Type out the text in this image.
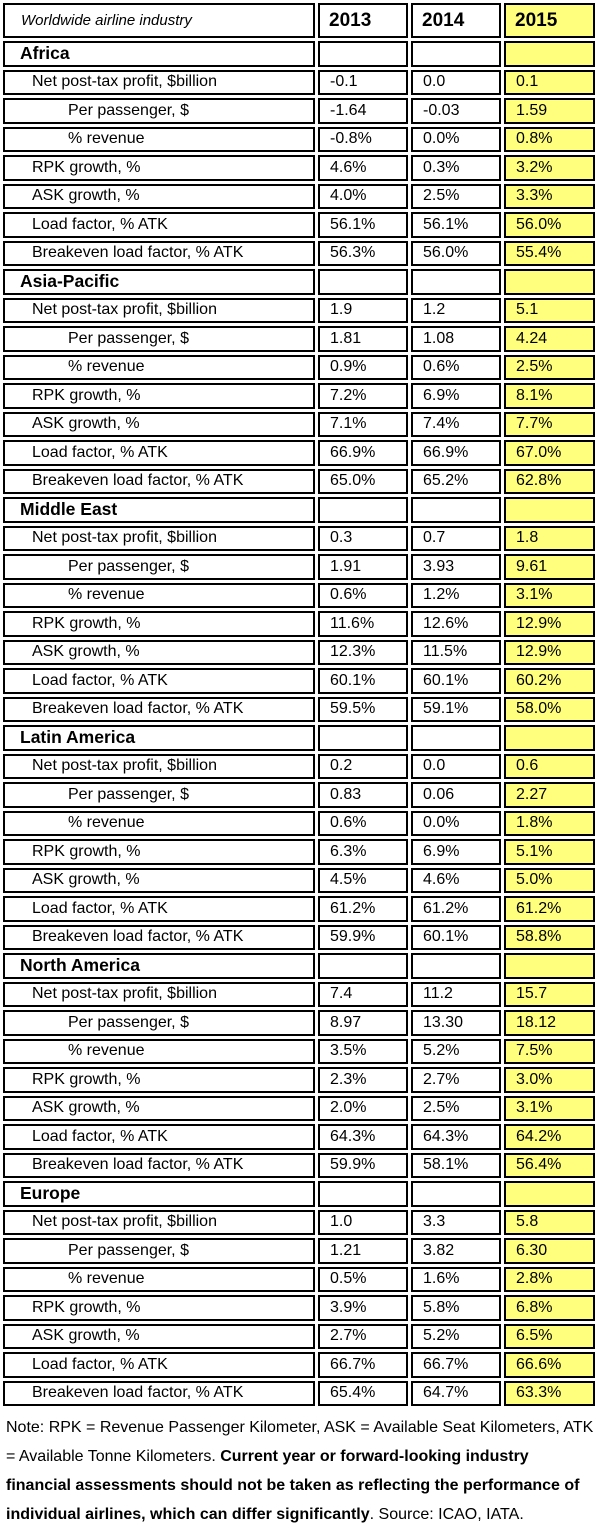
Worldwide airline industry	2013	2014	2015
Africa			
Net post-tax profit, $billion	-0.1	0.0	0.1
Per passenger, $	-1.64	-0.03	1.59
% revenue	-0.8%	0.0%	0.8%
RPK growth, %	4.6%	0.3%	3.2%
ASK growth, %	4.0%	2.5%	3.3%
Load factor, % ATK	56.1%	56.1%	56.0%
Breakeven load factor, % ATK	56.3%	56.0%	55.4%
Asia-Pacific			
Net post-tax profit, $billion	1.9	1.2	5.1
Per passenger, $	1.81	1.08	4.24
% revenue	0.9%	0.6%	2.5%
RPK growth, %	7.2%	6.9%	8.1%
ASK growth, %	7.1%	7.4%	7.7%
Load factor, % ATK	66.9%	66.9%	67.0%
Breakeven load factor, % ATK	65.0%	65.2%	62.8%
Middle East			
Net post-tax profit, $billion	0.3	0.7	1.8
Per passenger, $	1.91	3.93	9.61
% revenue	0.6%	1.2%	3.1%
RPK growth, %	11.6%	12.6%	12.9%
ASK growth, %	12.3%	11.5%	12.9%
Load factor, % ATK	60.1%	60.1%	60.2%
Breakeven load factor, % ATK	59.5%	59.1%	58.0%
Latin America			
Net post-tax profit, $billion	0.2	0.0	0.6
Per passenger, $	0.83	0.06	2.27
% revenue	0.6%	0.0%	1.8%
RPK growth, %	6.3%	6.9%	5.1%
ASK growth, %	4.5%	4.6%	5.0%
Load factor, % ATK	61.2%	61.2%	61.2%
Breakeven load factor, % ATK	59.9%	60.1%	58.8%
North America			
Net post-tax profit, $billion	7.4	11.2	15.7
Per passenger, $	8.97	13.30	18.12
% revenue	3.5%	5.2%	7.5%
RPK growth, %	2.3%	2.7%	3.0%
ASK growth, %	2.0%	2.5%	3.1%
Load factor, % ATK	64.3%	64.3%	64.2%
Breakeven load factor, % ATK	59.9%	58.1%	56.4%
Europe			
Net post-tax profit, $billion	1.0	3.3	5.8
Per passenger, $	1.21	3.82	6.30
% revenue	0.5%	1.6%	2.8%
RPK growth, %	3.9%	5.8%	6.8%
ASK growth, %	2.7%	5.2%	6.5%
Load factor, % ATK	66.7%	66.7%	66.6%
Breakeven load factor, % ATK	65.4%	64.7%	63.3%

Note: RPK = Revenue Passenger Kilometer, ASK = Available Seat Kilometers, ATK = Available Tonne Kilometers. Current year or forward-looking industry financial assessments should not be taken as reflecting the performance of individual airlines, which can differ significantly. Source: ICAO, IATA.
